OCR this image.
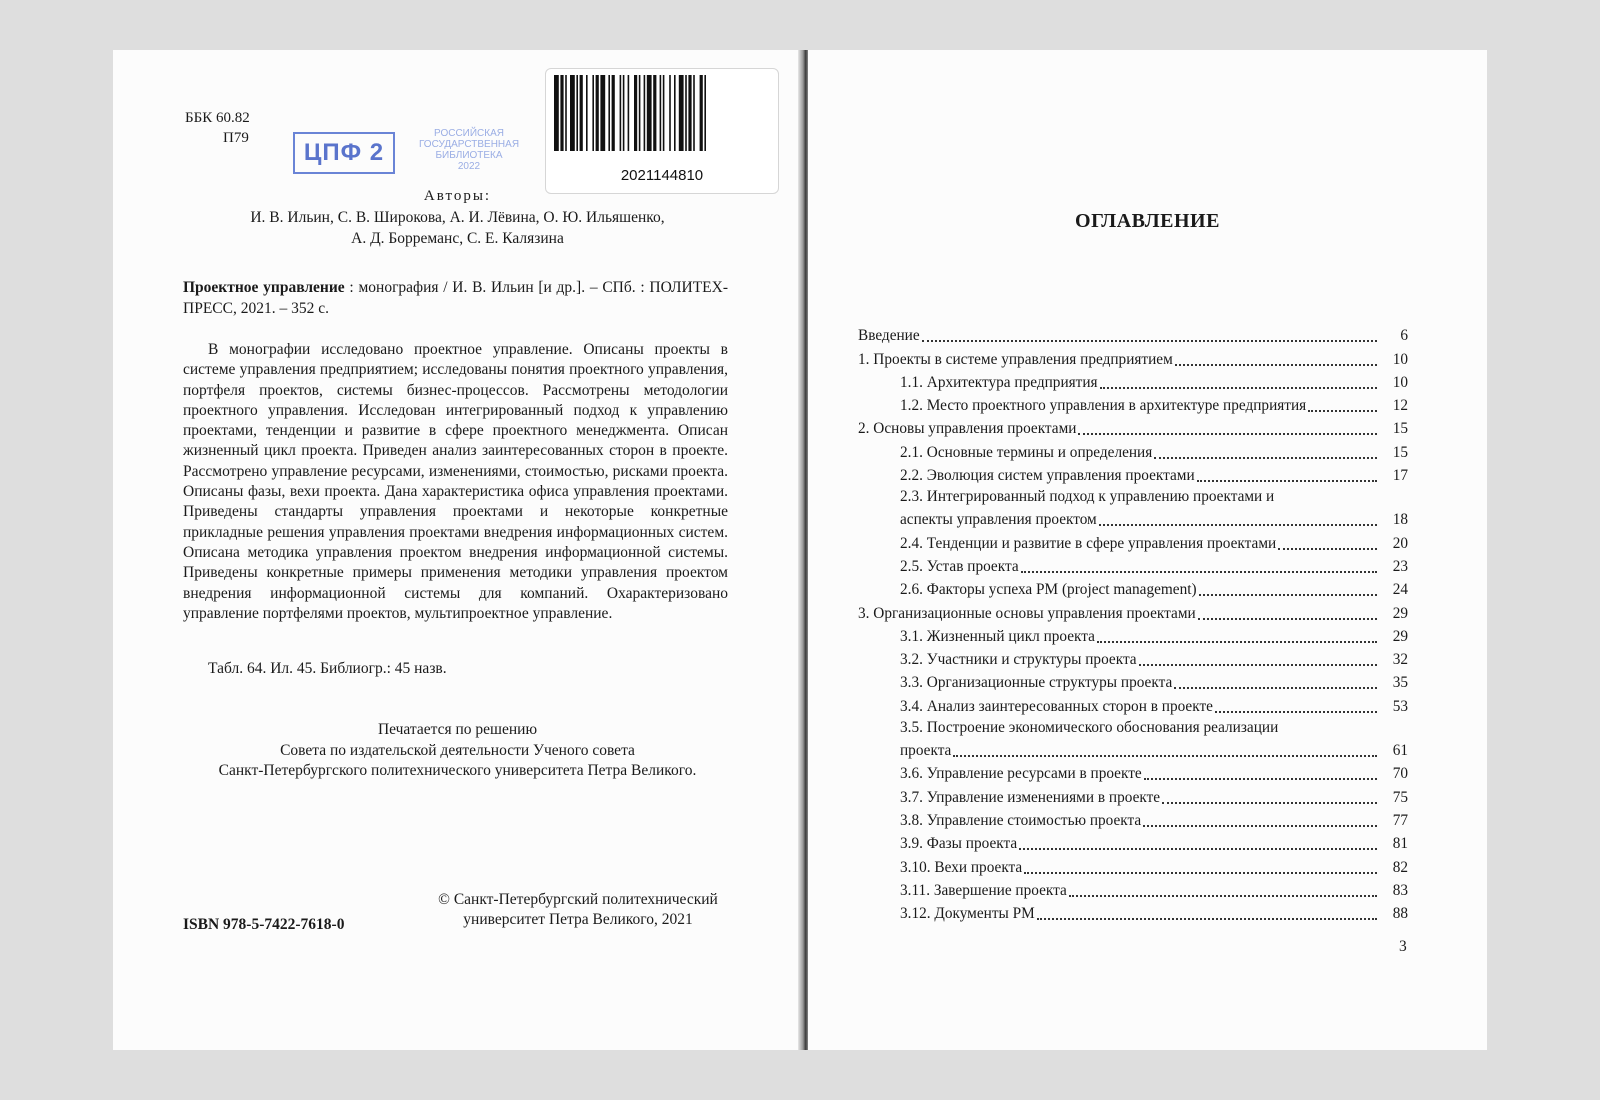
ББК 60.82
П79
ЦПФ 2
РОССИЙСКАЯ
ГОСУДАРСТВЕННАЯ
БИБЛИОТЕКА
2022
2021144810
Авторы:
И. В. Ильин, С. В. Широкова, А. И. Лёвина, О. Ю. Ильяшенко,
А. Д. Борреманс, С. Е. Калязина
Проектное управление : монография / И. В. Ильин [и др.]. – СПб. : ПОЛИТЕХ-ПРЕСС, 2021. – 352 с.
В монографии исследовано проектное управление. Описаны проекты в системе управления предприятием; исследованы понятия проектного управления, портфеля проектов, системы бизнес-процессов. Рассмотрены методологии проектного управления. Исследован интегрированный подход к управлению проектами, тенденции и развитие в сфере проектного менеджмента. Описан жизненный цикл проекта. Приведен анализ заинтересованных сторон в проекте. Рассмотрено управление ресурсами, изменениями, стоимостью, рисками проекта. Описаны фазы, вехи проекта. Дана характеристика офиса управления проектами. Приведены стандарты управления проектами и некоторые конкретные прикладные решения управления проектами внедрения информационных систем. Описана методика управления проектом внедрения информационной системы. Приведены конкретные примеры применения методики управления проектом внедрения информационной системы для компаний. Охарактеризовано управление портфелями проектов, мультипроектное управление.
Табл. 64. Ил. 45. Библиогр.: 45 назв.
Печатается по решению
Совета по издательской деятельности Ученого совета
Санкт-Петербургского политехнического университета Петра Великого.
ISBN 978-5-7422-7618-0
© Санкт-Петербургский политехнический
университет Петра Великого, 2021
ОГЛАВЛЕНИЕ
Введение	6
1. Проекты в системе управления предприятием	10
1.1. Архитектура предприятия	10
1.2. Место проектного управления в архитектуре предприятия	12
2. Основы управления проектами	15
2.1. Основные термины и определения	15
2.2. Эволюция систем управления проектами	17
2.3. Интегрированный подход к управлению проектами и
аспекты управления проектом	18
2.4. Тенденции и развитие в сфере управления проектами	20
2.5. Устав проекта	23
2.6. Факторы успеха PM (project management)	24
3. Организационные основы управления проектами	29
3.1. Жизненный цикл проекта	29
3.2. Участники и структуры проекта	32
3.3. Организационные структуры проекта	35
3.4. Анализ заинтересованных сторон в проекте	53
3.5. Построение экономического обоснования реализации
проекта	61
3.6. Управление ресурсами в проекте	70
3.7. Управление изменениями в проекте	75
3.8. Управление стоимостью проекта	77
3.9. Фазы проекта	81
3.10. Вехи проекта	82
3.11. Завершение проекта	83
3.12. Документы PM	88
3
